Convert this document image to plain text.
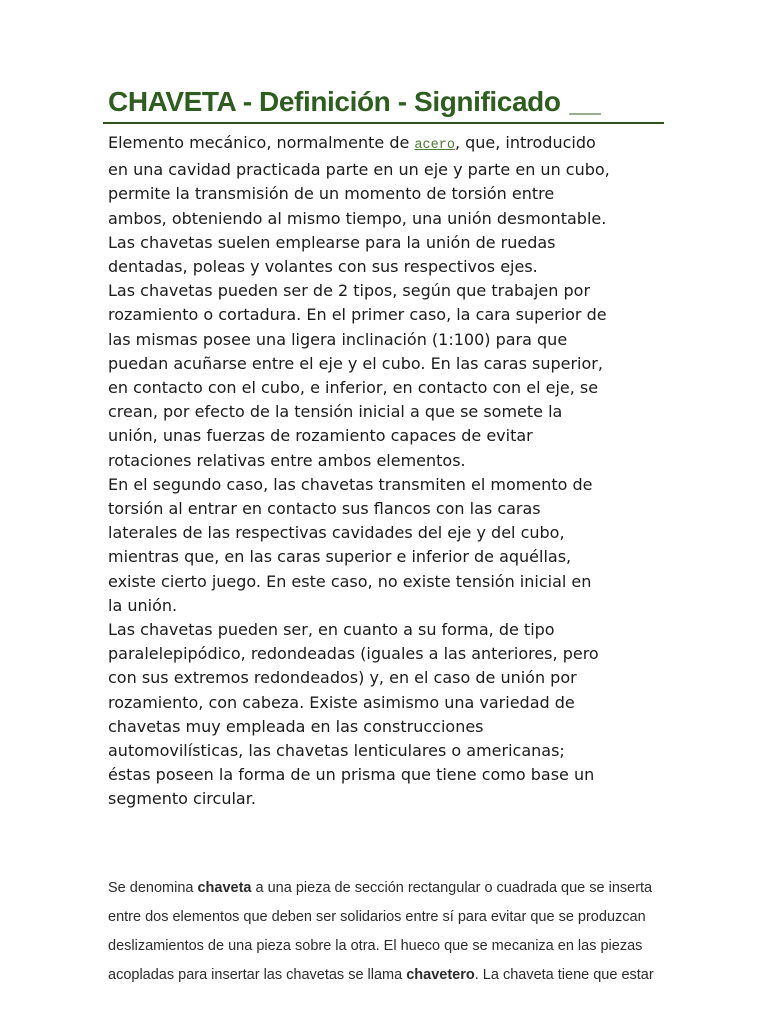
CHAVETA - Definición - Significado __
Elemento mecánico, normalmente de acero, que, introducido
en una cavidad practicada parte en un eje y parte en un cubo,
permite la transmisión de un momento de torsión entre
ambos, obteniendo al mismo tiempo, una unión desmontable.
Las chavetas suelen emplearse para la unión de ruedas
dentadas, poleas y volantes con sus respectivos ejes.
Las chavetas pueden ser de 2 tipos, según que trabajen por
rozamiento o cortadura. En el primer caso, la cara superior de
las mismas posee una ligera inclinación (1:100) para que
puedan acuñarse entre el eje y el cubo. En las caras superior,
en contacto con el cubo, e inferior, en contacto con el eje, se
crean, por efecto de la tensión inicial a que se somete la
unión, unas fuerzas de rozamiento capaces de evitar
rotaciones relativas entre ambos elementos.
En el segundo caso, las chavetas transmiten el momento de
torsión al entrar en contacto sus flancos con las caras
laterales de las respectivas cavidades del eje y del cubo,
mientras que, en las caras superior e inferior de aquéllas,
existe cierto juego. En este caso, no existe tensión inicial en
la unión.
Las chavetas pueden ser, en cuanto a su forma, de tipo
paralelepipódico, redondeadas (iguales a las anteriores, pero
con sus extremos redondeados) y, en el caso de unión por
rozamiento, con cabeza. Existe asimismo una variedad de
chavetas muy empleada en las construcciones
automovilísticas, las chavetas lenticulares o americanas;
éstas poseen la forma de un prisma que tiene como base un
segmento circular.
Se denomina chaveta a una pieza de sección rectangular o cuadrada que se inserta
entre dos elementos que deben ser solidarios entre sí para evitar que se produzcan
deslizamientos de una pieza sobre la otra. El hueco que se mecaniza en las piezas
acopladas para insertar las chavetas se llama chavetero. La chaveta tiene que estar
